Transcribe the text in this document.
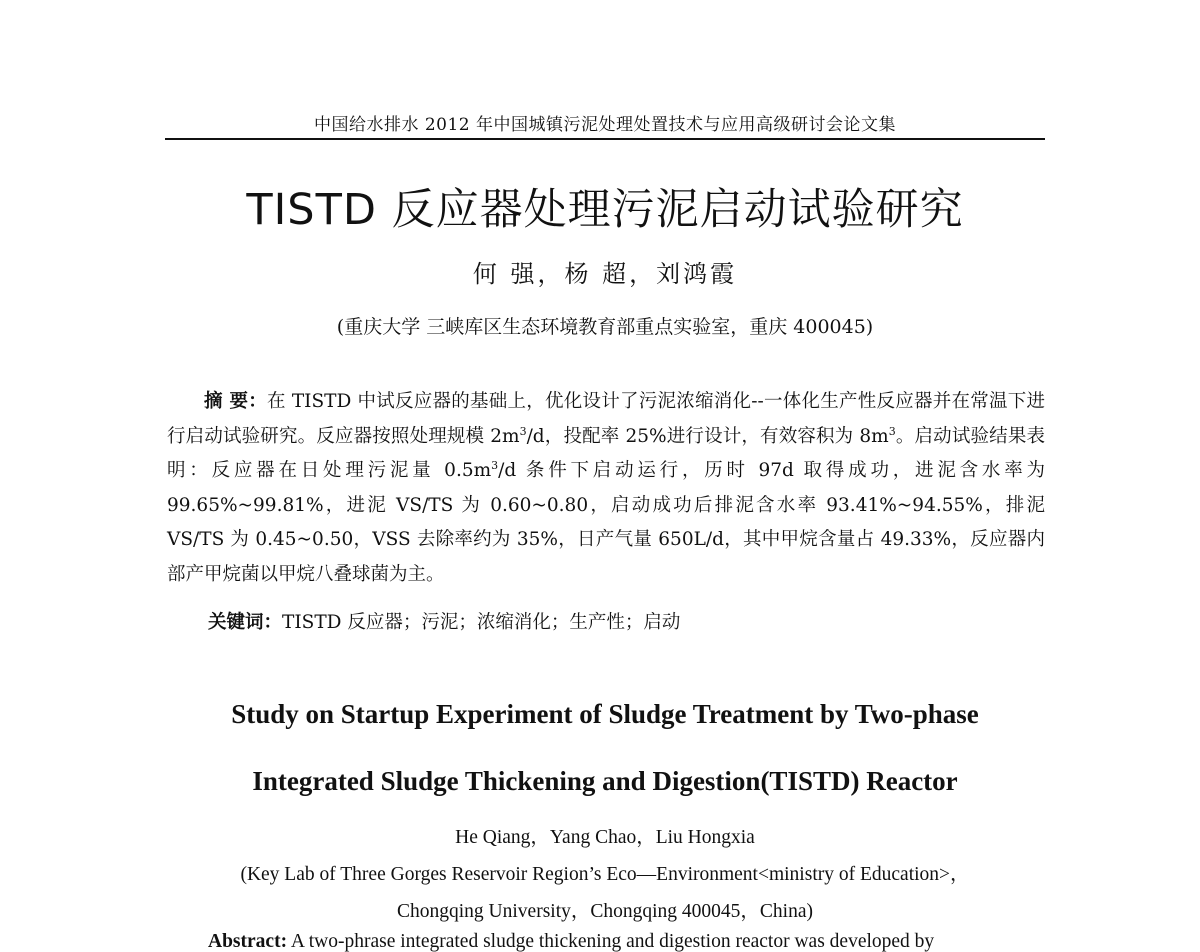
中国给水排水 2012 年中国城镇污泥处理处置技术与应用高级研讨会论文集
TISTD 反应器处理污泥启动试验研究
何 强，杨 超，刘鸿霞
(重庆大学 三峡库区生态环境教育部重点实验室，重庆 400045)
摘 要：在 TISTD 中试反应器的基础上，优化设计了污泥浓缩消化--一体化生产性反应器并在常温下进行启动试验研究。反应器按照处理规模 $2m^3/d$，投配率 25%进行设计，有效容积为 $8m^3$。启动试验结果表明：反应器在日处理污泥量 $0.5m^3/d$ 条件下启动运行，历时 97d 取得成功，进泥含水率为 99.65%~99.81%，进泥 VS/TS 为 0.60~0.80，启动成功后排泥含水率 93.41%~94.55%，排泥 VS/TS 为 0.45~0.50，VSS 去除率约为 35%，日产气量 650L/d，其中甲烷含量占 49.33%，反应器内部产甲烷菌以甲烷八叠球菌为主。
关键词：TISTD 反应器；污泥；浓缩消化；生产性；启动
Study on Startup Experiment of Sludge Treatment by Two-phase
Integrated Sludge Thickening and Digestion(TISTD) Reactor
He Qiang，Yang Chao，Liu Hongxia
(Key Lab of Three Gorges Reservoir Region’s Eco—Environment<ministry of Education>，
Chongqing University，Chongqing 400045，China)
Abstract: A two-phrase integrated sludge thickening and digestion reactor was developed by
